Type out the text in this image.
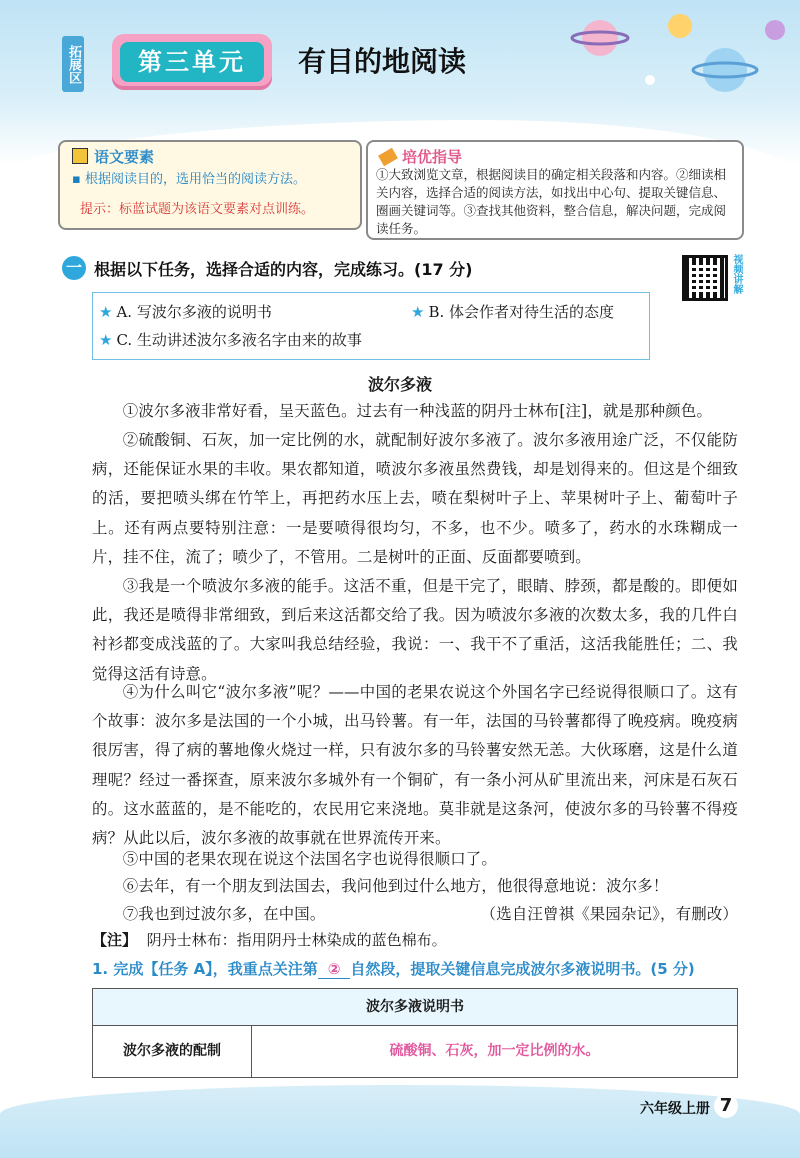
拓展区	第三单元	有目的地阅读
语文要素
▪ 根据阅读目的，选用恰当的阅读方法。
提示：标蓝试题为该语文要素对点训练。
培优指导
①大致浏览文章，根据阅读目的确定相关段落和内容。②细读相关内容，选择合适的阅读方法，如找出中心句、提取关键信息、圈画关键词等。③查找其他资料，整合信息，解决问题，完成阅读任务。
一 根据以下任务，选择合适的内容，完成练习。(17 分)	视频讲解
★ A. 写波尔多液的说明书	★ B. 体会作者对待生活的态度
★ C. 生动讲述波尔多液名字由来的故事
波尔多液
①波尔多液非常好看，呈天蓝色。过去有一种浅蓝的阴丹士林布[注]，就是那种颜色。
②硫酸铜、石灰，加一定比例的水，就配制好波尔多液了。波尔多液用途广泛，不仅能防病，还能保证水果的丰收。果农都知道，喷波尔多液虽然费钱，却是划得来的。但这是个细致的活，要把喷头绑在竹竿上，再把药水压上去，喷在梨树叶子上、苹果树叶子上、葡萄叶子上。还有两点要特别注意：一是要喷得很均匀，不多，也不少。喷多了，药水的水珠糊成一片，挂不住，流了；喷少了，不管用。二是树叶的正面、反面都要喷到。
③我是一个喷波尔多液的能手。这活不重，但是干完了，眼睛、脖颈，都是酸的。即便如此，我还是喷得非常细致，到后来这活都交给了我。因为喷波尔多液的次数太多，我的几件白衬衫都变成浅蓝的了。大家叫我总结经验，我说：一、我干不了重活，这活我能胜任；二、我觉得这活有诗意。
④为什么叫它“波尔多液”呢？——中国的老果农说这个外国名字已经说得很顺口了。这有个故事：波尔多是法国的一个小城，出马铃薯。有一年，法国的马铃薯都得了晚疫病。晚疫病很厉害，得了病的薯地像火烧过一样，只有波尔多的马铃薯安然无恙。大伙琢磨，这是什么道理呢？经过一番探查，原来波尔多城外有一个铜矿，有一条小河从矿里流出来，河床是石灰石的。这水蓝蓝的，是不能吃的，农民用它来浇地。莫非就是这条河，使波尔多的马铃薯不得疫病？从此以后，波尔多液的故事就在世界流传开来。
⑤中国的老果农现在说这个法国名字也说得很顺口了。
⑥去年，有一个朋友到法国去，我问他到过什么地方，他很得意地说：波尔多！
⑦我也到过波尔多，在中国。	（选自汪曾祺《果园杂记》，有删改）
【注】 阴丹士林布：指用阴丹士林染成的蓝色棉布。
1. 完成【任务 A】，我重点关注第 ② 自然段，提取关键信息完成波尔多液说明书。(5 分)
波尔多液说明书
波尔多液的配制	硫酸铜、石灰，加一定比例的水。
六年级上册 7
